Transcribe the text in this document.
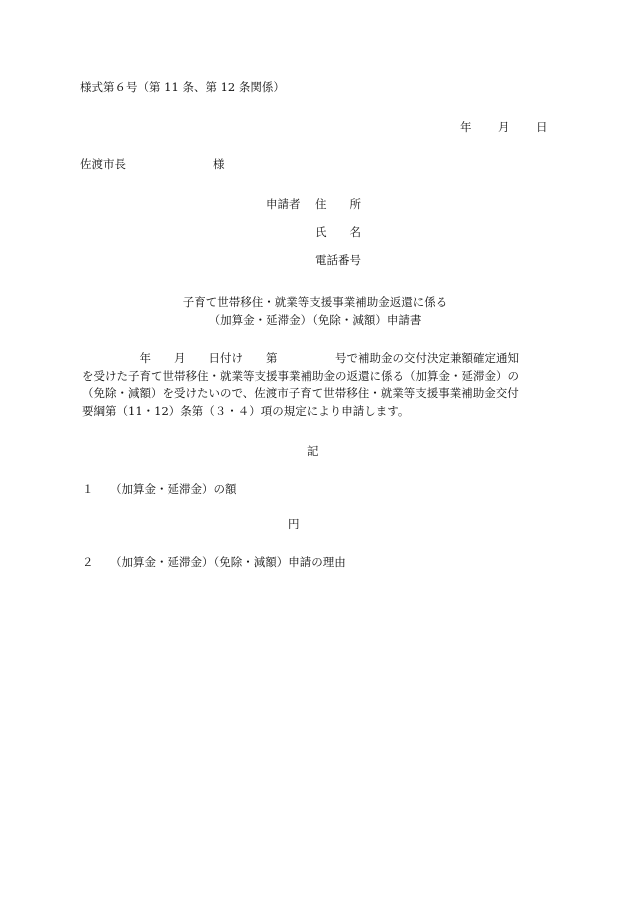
様式第６号（第 11 条、第 12 条関係）
年 月 日
佐渡市長	様
申請者 住　　所
氏　　名
電話番号
子育て世帯移住・就業等支援事業補助金返還に係る
（加算金・延滞金）（免除・減額）申請書
　　　　　年　　月　　日付け　　第　　　　　号で補助金の交付決定兼額確定通知
を受けた子育て世帯移住・就業等支援事業補助金の返還に係る（加算金・延滞金）の
（免除・減額）を受けたいので、佐渡市子育て世帯移住・就業等支援事業補助金交付
要綱第（11・12）条第（３・４）項の規定により申請します。
記
１ （加算金・延滞金）の額
円
２ （加算金・延滞金）（免除・減額）申請の理由
